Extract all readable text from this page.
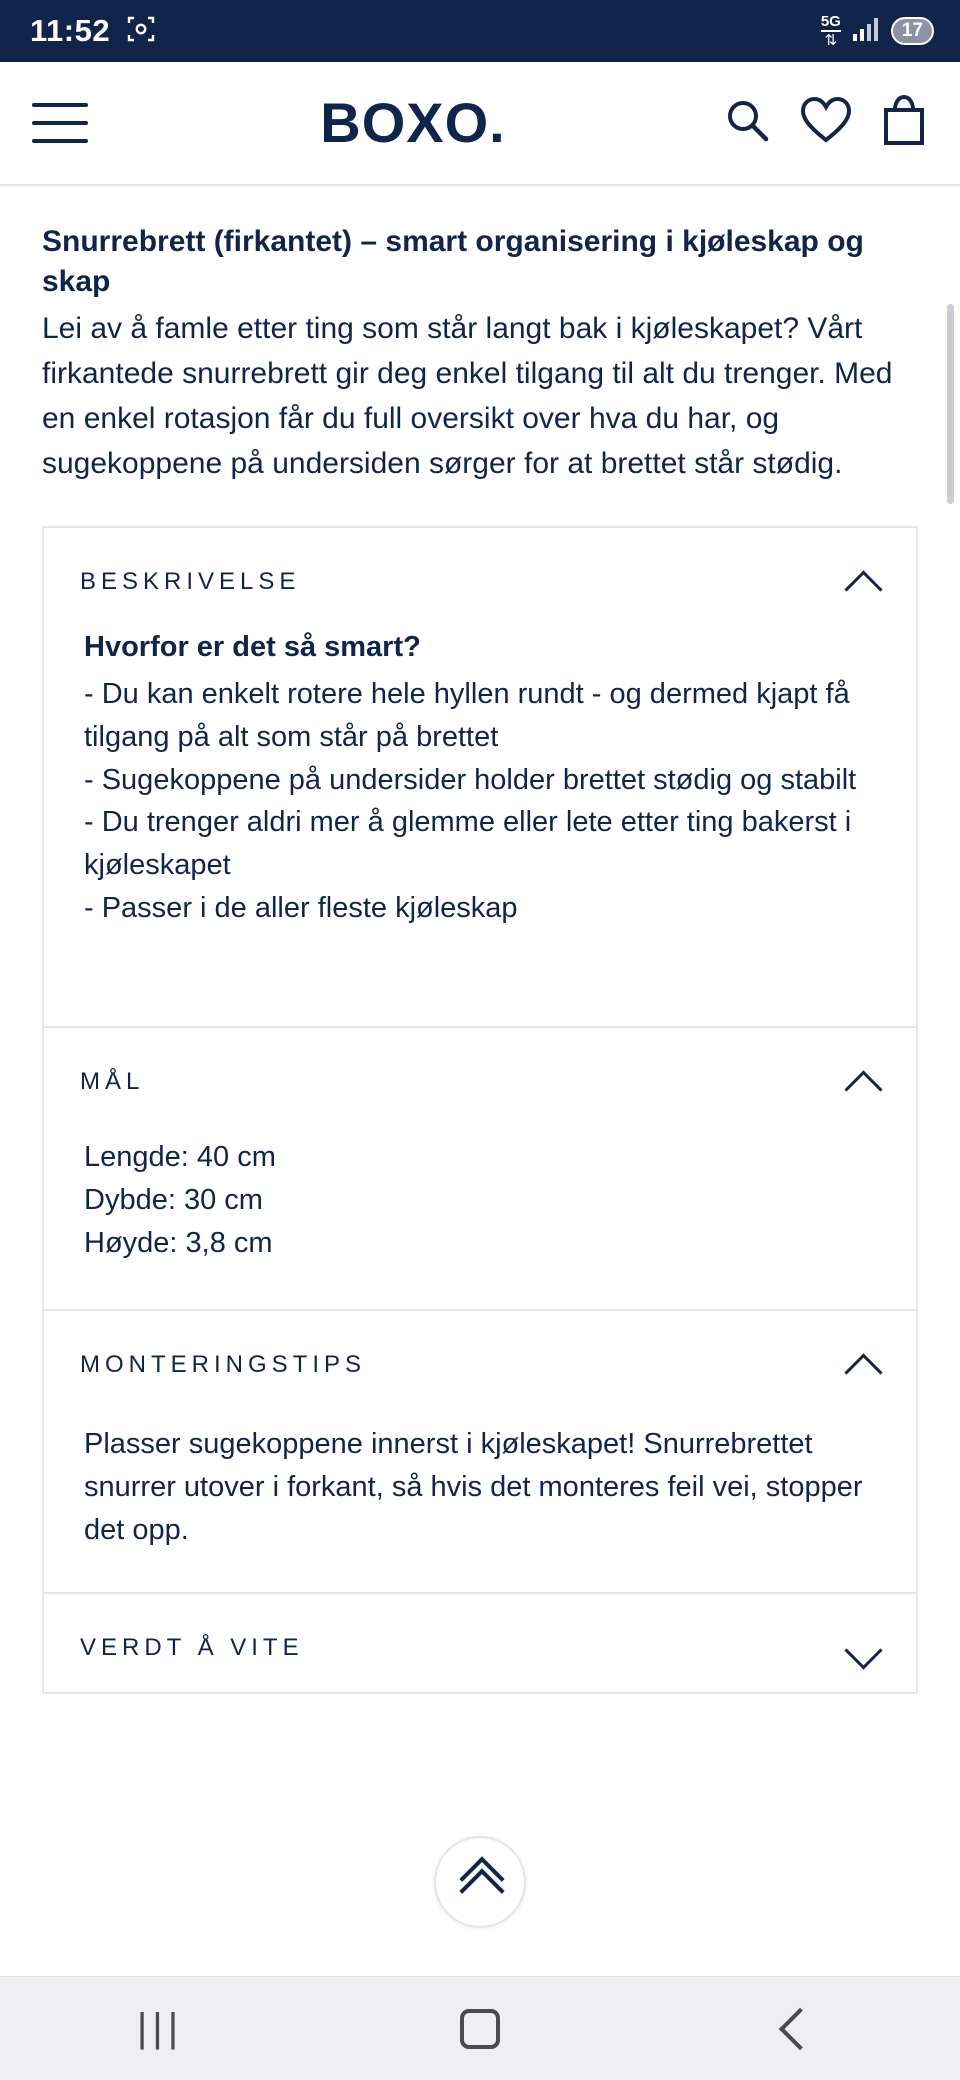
11:52	5G
⇅	17
BOXO.
Snurrebrett (firkantet) – smart organisering i kjøleskap og skap
Lei av å famle etter ting som står langt bak i kjøleskapet? Vårt firkantede snurrebrett gir deg enkel tilgang til alt du trenger. Med en enkel rotasjon får du full oversikt over hva du har, og sugekoppene på undersiden sørger for at brettet står stødig.
BESKRIVELSE
Hvorfor er det så smart?
- Du kan enkelt rotere hele hyllen rundt - og dermed kjapt få tilgang på alt som står på brettet
- Sugekoppene på undersider holder brettet stødig og stabilt
- Du trenger aldri mer å glemme eller lete etter ting bakerst i kjøleskapet
- Passer i de aller fleste kjøleskap
MÅL
Lengde: 40 cm
Dybde: 30 cm
Høyde: 3,8 cm
MONTERINGSTIPS
Plasser sugekoppene innerst i kjøleskapet! Snurrebrettet snurrer utover i forkant, så hvis det monteres feil vei, stopper det opp.
VERDT Å VITE
|||
